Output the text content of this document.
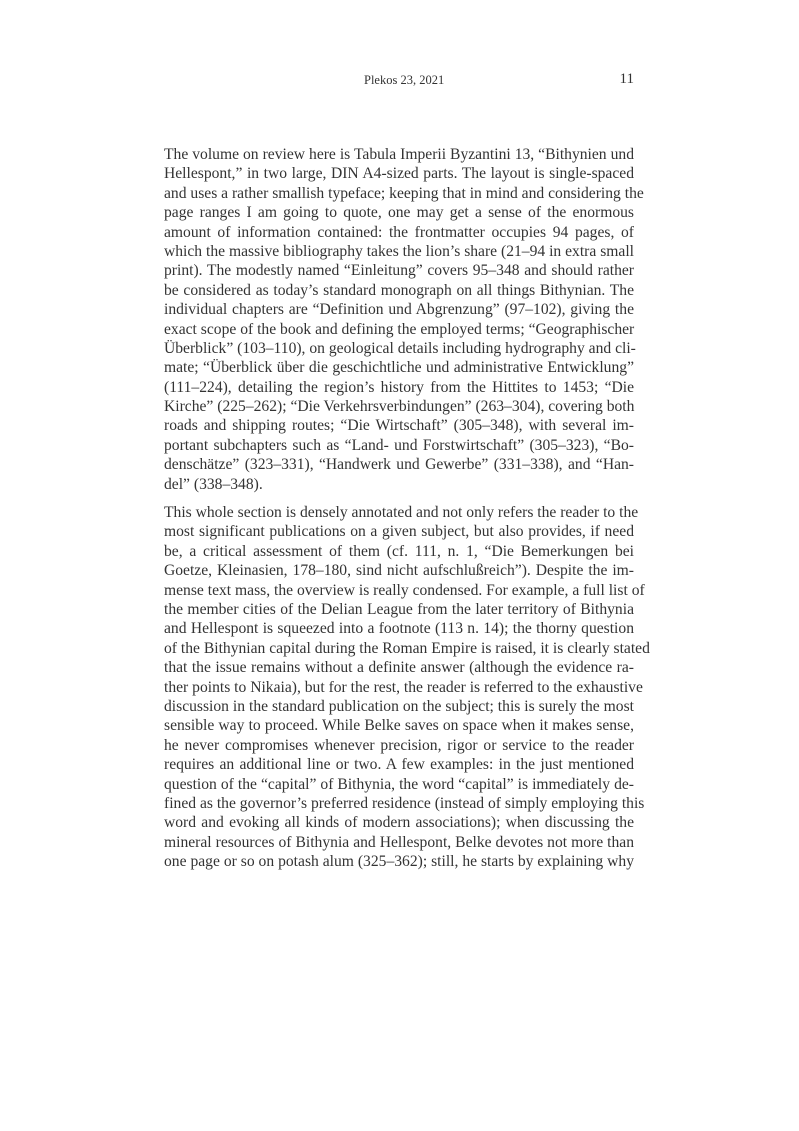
Plekos 23, 2021	11

The volume on review here is Tabula Imperii Byzantini 13, “Bithynien und
Hellespont,” in two large, DIN A4-sized parts. The layout is single-spaced
and uses a rather smallish typeface; keeping that in mind and considering the
page ranges I am going to quote, one may get a sense of the enormous
amount of information contained: the frontmatter occupies 94 pages, of
which the massive bibliography takes the lion’s share (21–94 in extra small
print). The modestly named “Einleitung” covers 95–348 and should rather
be considered as today’s standard monograph on all things Bithynian. The
individual chapters are “Definition und Abgrenzung” (97–102), giving the
exact scope of the book and defining the employed terms; “Geographischer
Überblick” (103–110), on geological details including hydrography and cli-
mate; “Überblick über die geschichtliche und administrative Entwicklung”
(111–224), detailing the region’s history from the Hittites to 1453; “Die
Kirche” (225–262); “Die Verkehrsverbindungen” (263–304), covering both
roads and shipping routes; “Die Wirtschaft” (305–348), with several im-
portant subchapters such as “Land- und Forstwirtschaft” (305–323), “Bo-
denschätze” (323–331), “Handwerk und Gewerbe” (331–338), and “Han-
del” (338–348).

This whole section is densely annotated and not only refers the reader to the
most significant publications on a given subject, but also provides, if need
be, a critical assessment of them (cf. 111, n. 1, “Die Bemerkungen bei
Goetze, Kleinasien, 178–180, sind nicht aufschlußreich”). Despite the im-
mense text mass, the overview is really condensed. For example, a full list of
the member cities of the Delian League from the later territory of Bithynia
and Hellespont is squeezed into a footnote (113 n. 14); the thorny question
of the Bithynian capital during the Roman Empire is raised, it is clearly stated
that the issue remains without a definite answer (although the evidence ra-
ther points to Nikaia), but for the rest, the reader is referred to the exhaustive
discussion in the standard publication on the subject; this is surely the most
sensible way to proceed. While Belke saves on space when it makes sense,
he never compromises whenever precision, rigor or service to the reader
requires an additional line or two. A few examples: in the just mentioned
question of the “capital” of Bithynia, the word “capital” is immediately de-
fined as the governor’s preferred residence (instead of simply employing this
word and evoking all kinds of modern associations); when discussing the
mineral resources of Bithynia and Hellespont, Belke devotes not more than
one page or so on potash alum (325–362); still, he starts by explaining why
